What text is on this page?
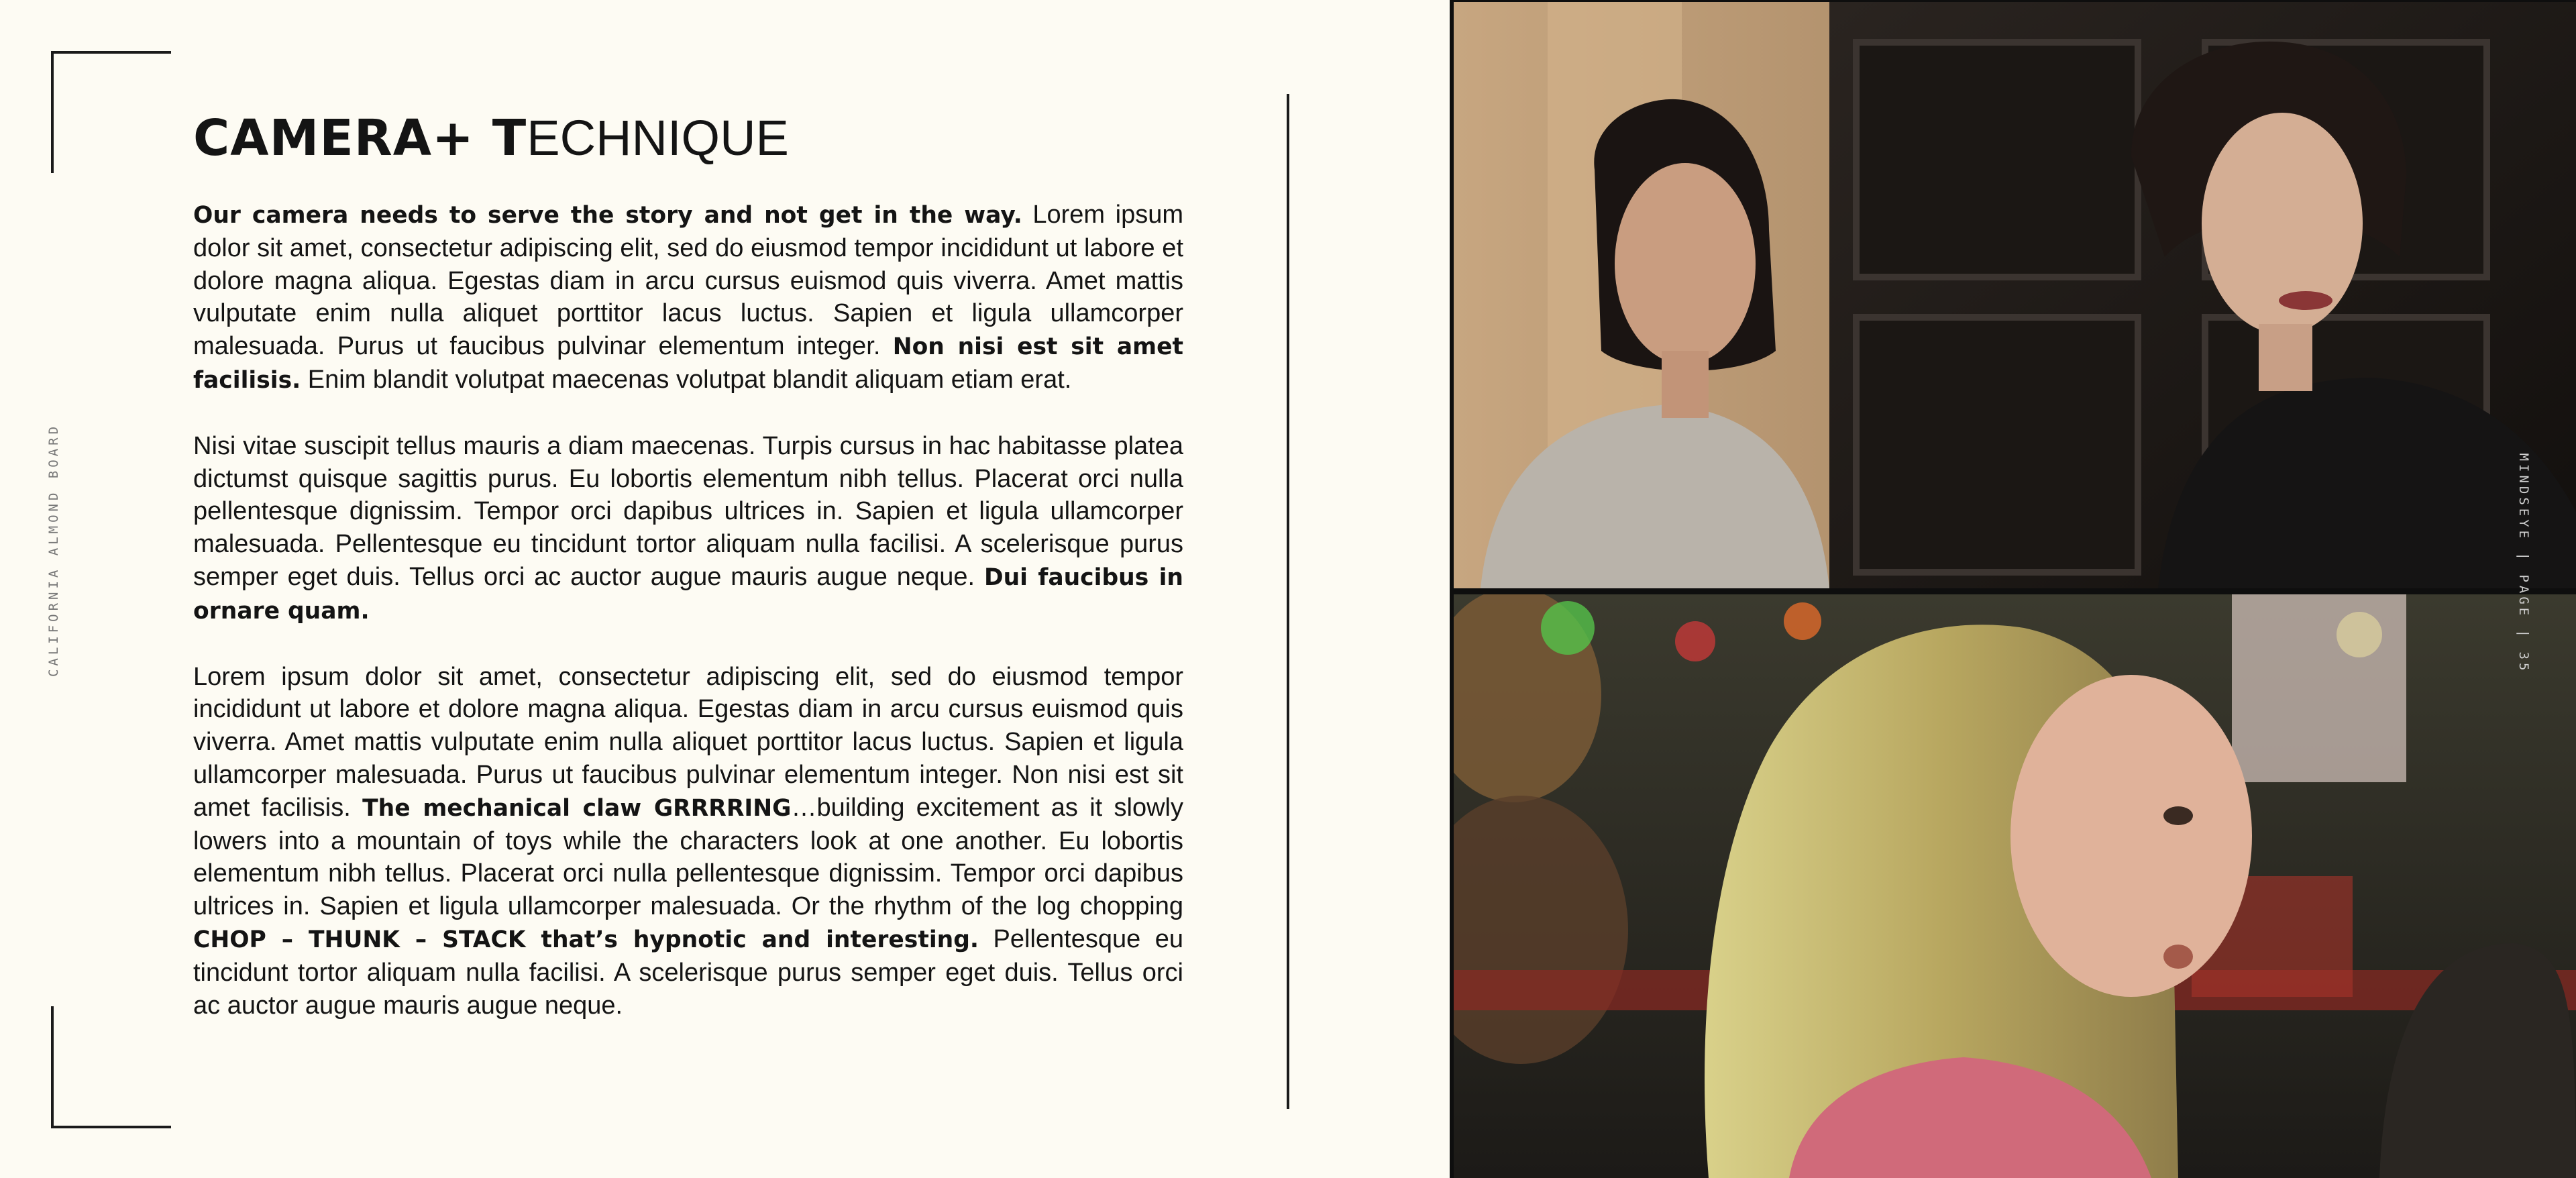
CALIFORNIA ALMOND BOARD
CAMERA+ TECHNIQUE

Our camera needs to serve the story and not get in the way. Lorem ipsum dolor sit amet, consectetur adipiscing elit, sed do eiusmod tempor incididunt ut labore et dolore magna aliqua. Egestas diam in arcu cursus euismod quis viverra. Amet mattis vulputate enim nulla aliquet porttitor lacus luctus. Sapien et ligula ullamcorper malesuada. Purus ut faucibus pulvinar elementum integer. Non nisi est sit amet facilisis. Enim blandit volutpat maecenas volutpat blandit aliquam etiam erat.

Nisi vitae suscipit tellus mauris a diam maecenas. Turpis cursus in hac habitasse platea dictumst quisque sagittis purus. Eu lobortis elementum nibh tellus. Placerat orci nulla pellentesque dignissim. Tempor orci dapibus ultrices in. Sapien et ligula ullamcorper malesuada. Pellentesque eu tincidunt tortor aliquam nulla facilisi. A scelerisque purus semper eget duis. Tellus orci ac auctor augue mauris augue neque. Dui faucibus in ornare quam.

Lorem ipsum dolor sit amet, consectetur adipiscing elit, sed do eiusmod tempor incididunt ut labore et dolore magna aliqua. Egestas diam in arcu cursus euismod quis viverra. Amet mattis vulputate enim nulla aliquet porttitor lacus luctus. Sapien et ligula ullamcorper malesuada. Purus ut faucibus pulvinar elementum integer. Non nisi est sit amet facilisis. The mechanical claw GRRRRING…building excitement as it slowly lowers into a mountain of toys while the characters look at one another. Eu lobortis elementum nibh tellus. Placerat orci nulla pellentesque dignissim. Tempor orci dapibus ultrices in. Sapien et ligula ullamcorper malesuada. Or the rhythm of the log chopping CHOP – THUNK – STACK that’s hypnotic and interesting. Pellentesque eu tincidunt tortor aliquam nulla facilisi. A scelerisque purus semper eget duis. Tellus orci ac auctor augue mauris augue neque.

MINDSEYE | PAGE | 35
